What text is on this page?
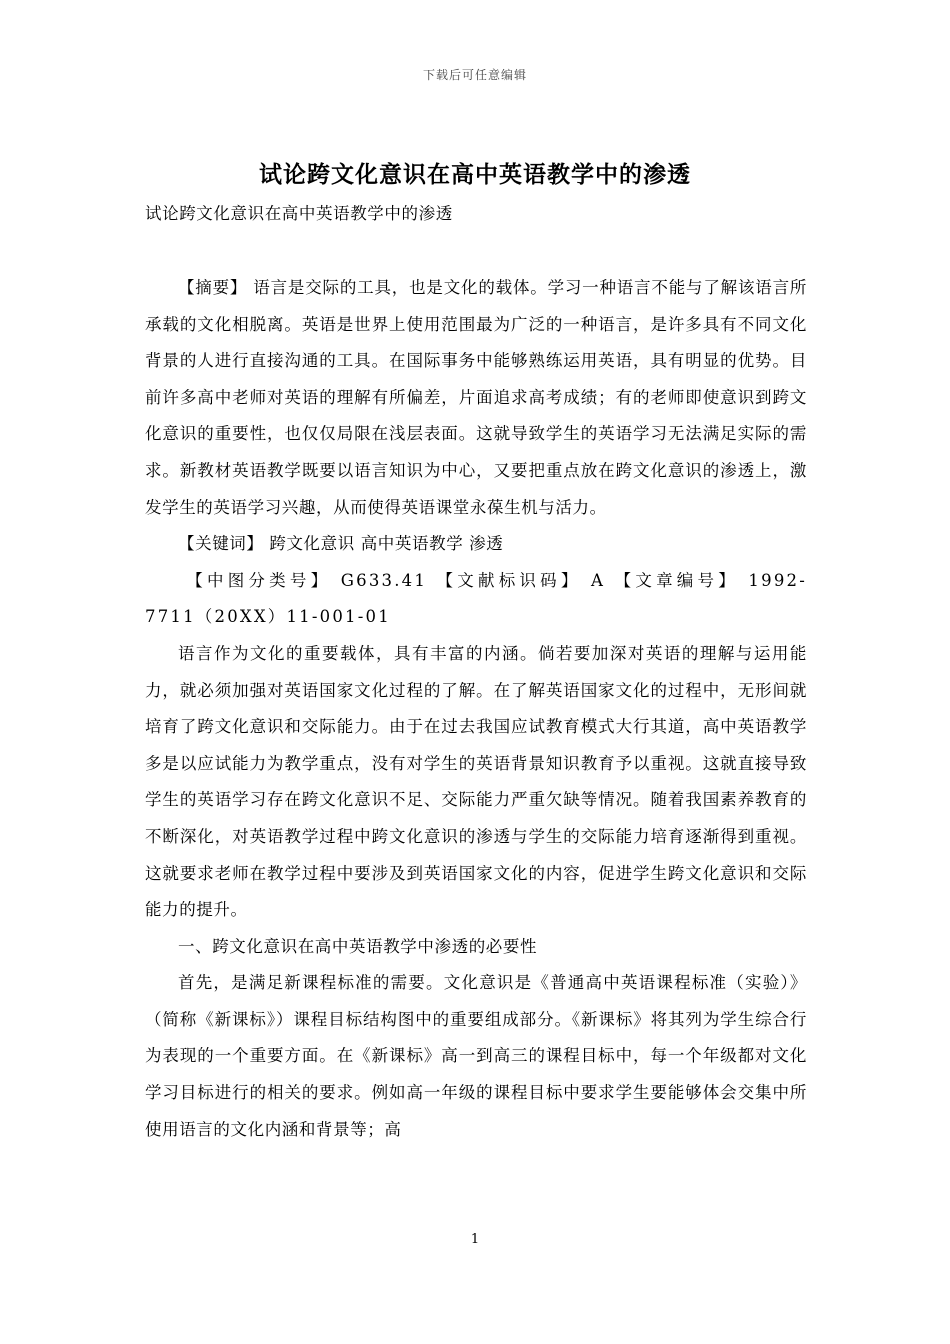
下载后可任意编辑
试论跨文化意识在高中英语教学中的渗透
试论跨文化意识在高中英语教学中的渗透

【摘要】 语言是交际的工具，也是文化的载体。学习一种语言不能与了解该语言所承载的文化相脱离。英语是世界上使用范围最为广泛的一种语言，是许多具有不同文化背景的人进行直接沟通的工具。在国际事务中能够熟练运用英语，具有明显的优势。目前许多高中老师对英语的理解有所偏差，片面追求高考成绩；有的老师即使意识到跨文化意识的重要性，也仅仅局限在浅层表面。这就导致学生的英语学习无法满足实际的需求。新教材英语教学既要以语言知识为中心，又要把重点放在跨文化意识的渗透上，激发学生的英语学习兴趣，从而使得英语课堂永葆生机与活力。

【关键词】 跨文化意识 高中英语教学 渗透

【中图分类号】 G633.41 【文献标识码】 A 【文章编号】 1992-7711（20XX）11-001-01

语言作为文化的重要载体，具有丰富的内涵。倘若要加深对英语的理解与运用能力，就必须加强对英语国家文化过程的了解。在了解英语国家文化的过程中，无形间就培育了跨文化意识和交际能力。由于在过去我国应试教育模式大行其道，高中英语教学多是以应试能力为教学重点，没有对学生的英语背景知识教育予以重视。这就直接导致学生的英语学习存在跨文化意识不足、交际能力严重欠缺等情况。随着我国素养教育的不断深化，对英语教学过程中跨文化意识的渗透与学生的交际能力培育逐渐得到重视。这就要求老师在教学过程中要涉及到英语国家文化的内容，促进学生跨文化意识和交际能力的提升。

一、跨文化意识在高中英语教学中渗透的必要性

首先，是满足新课程标准的需要。文化意识是《普通高中英语课程标准（实验）》（简称《新课标》）课程目标结构图中的重要组成部分。《新课标》将其列为学生综合行为表现的一个重要方面。在《新课标》高一到高三的课程目标中，每一个年级都对文化学习目标进行的相关的要求。例如高一年级的课程目标中要求学生要能够体会交集中所使用语言的文化内涵和背景等；高

1
